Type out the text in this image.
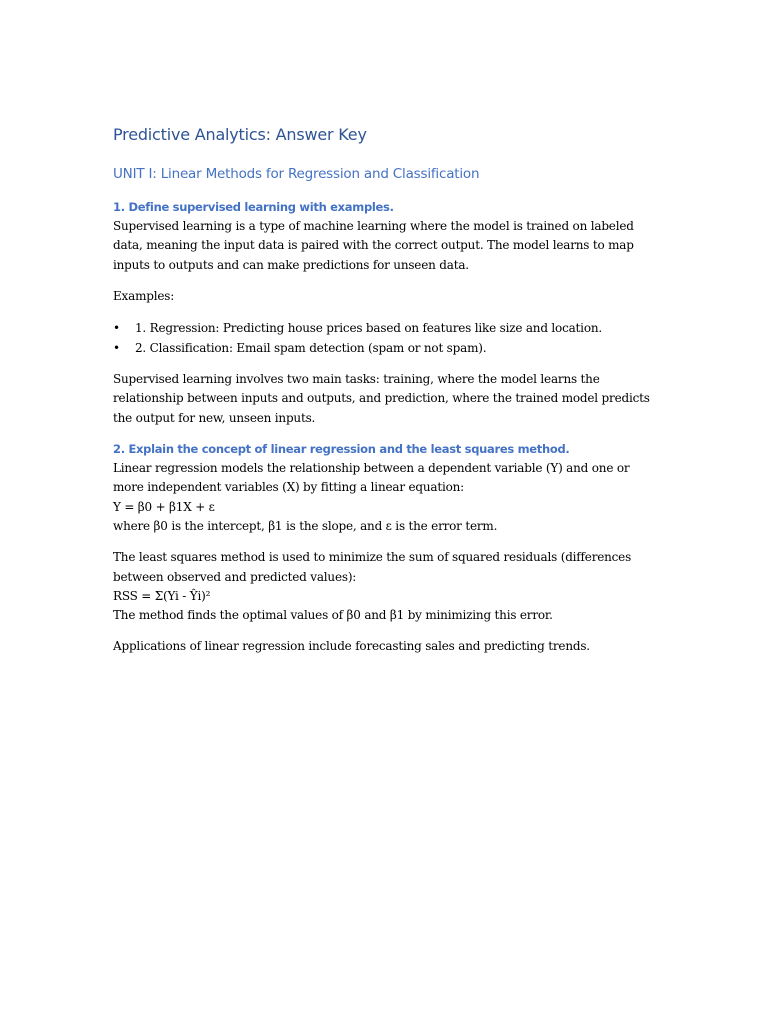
Predictive Analytics: Answer Key
UNIT I: Linear Methods for Regression and Classification
1. Define supervised learning with examples.

Supervised learning is a type of machine learning where the model is trained on labeled data, meaning the input data is paired with the correct output. The model learns to map inputs to outputs and can make predictions for unseen data.

Examples:

• 1. Regression: Predicting house prices based on features like size and location.
• 2. Classification: Email spam detection (spam or not spam).

Supervised learning involves two main tasks: training, where the model learns the relationship between inputs and outputs, and prediction, where the trained model predicts the output for new, unseen inputs.

2. Explain the concept of linear regression and the least squares method.

Linear regression models the relationship between a dependent variable (Y) and one or more independent variables (X) by fitting a linear equation:
Y = β0 + β1X + ε
where β0 is the intercept, β1 is the slope, and ε is the error term.

The least squares method is used to minimize the sum of squared residuals (differences between observed and predicted values):
RSS = Σ(Yi - Ŷi)²
The method finds the optimal values of β0 and β1 by minimizing this error.

Applications of linear regression include forecasting sales and predicting trends.
